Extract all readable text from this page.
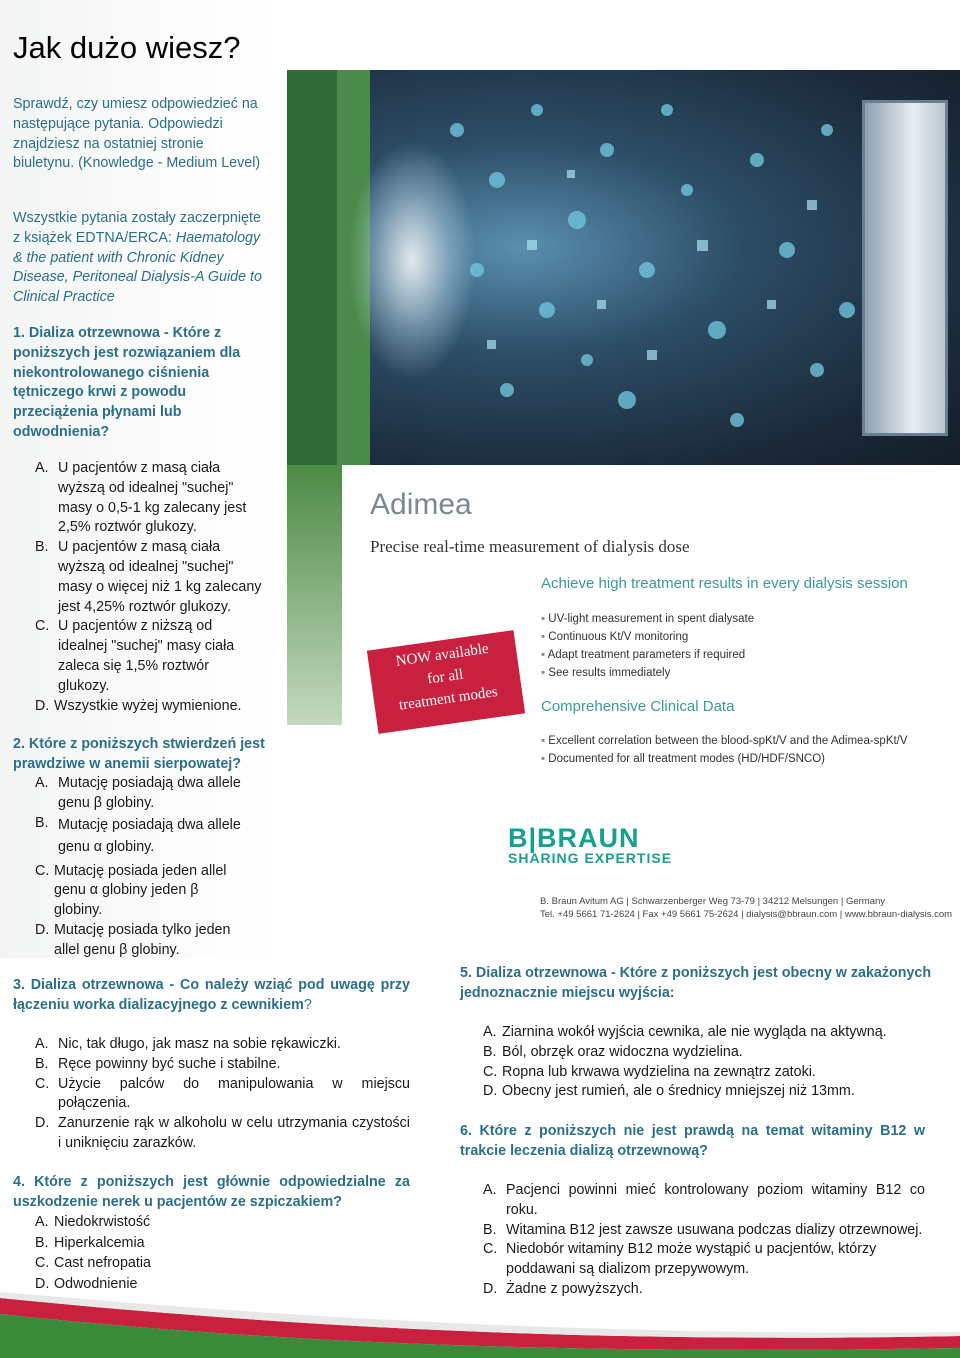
Jak dużo wiesz?

Sprawdź, czy umiesz odpowiedzieć na następujące pytania. Odpowiedzi znajdziesz na ostatniej stronie biuletynu. (Knowledge - Medium Level)

Wszystkie pytania zostały zaczerpnięte z książek EDTNA/ERCA: Haematology & the patient with Chronic Kidney Disease, Peritoneal Dialysis-A Guide to Clinical Practice

1. Dializa otrzewnowa - Które z poniższych jest rozwiązaniem dla niekontrolowanego ciśnienia tętniczego krwi z powodu przeciążenia płynami lub odwodnienia?

A. U pacjentów z masą ciała wyższą od idealnej "suchej" masy o 0,5-1 kg zalecany jest 2,5% roztwór glukozy.
B. U pacjentów z masą ciała wyższą od idealnej "suchej" masy o więcej niż 1 kg zalecany jest 4,25% roztwór glukozy.
C. U pacjentów z niższą od idealnej "suchej" masy ciała zaleca się 1,5% roztwór glukozy.
D. Wszystkie wyżej wymienione.

2. Które z poniższych stwierdzeń jest prawdziwe w anemii sierpowatej?

A. Mutację posiadają dwa allele genu β globiny.
B. Mutację posiadają dwa allele genu α globiny.
C. Mutację posiada jeden allel genu α globiny jeden β globiny.
D. Mutację posiada tylko jeden allel genu β globiny.

3. Dializa otrzewnowa - Co należy wziąć pod uwagę przy łączeniu worka dializacyjnego z cewnikiem?

A. Nic, tak długo, jak masz na sobie rękawiczki.
B. Ręce powinny być suche i stabilne.
C. Użycie palców do manipulowania w miejscu połączenia.
D. Zanurzenie rąk w alkoholu w celu utrzymania czystości i uniknięciu zarazków.

4. Które z poniższych jest głównie odpowiedzialne za uszkodzenie nerek u pacjentów ze szpiczakiem?

A. Niedokrwistość
B. Hiperkalcemia
C. Cast nefropatia
D. Odwodnienie

5. Dializa otrzewnowa - Które z poniższych jest obecny w zakażonych jednoznacznie miejscu wyjścia:

A. Ziarnina wokół wyjścia cewnika, ale nie wygląda na aktywną.
B. Ból, obrzęk oraz widoczna wydzielina.
C. Ropna lub krwawa wydzielina na zewnątrz zatoki.
D. Obecny jest rumień, ale o średnicy mniejszej niż 13mm.

6. Które z poniższych nie jest prawdą na temat witaminy B12 w trakcie leczenia dializą otrzewnową?

A. Pacjenci powinni mieć kontrolowany poziom witaminy B12 co roku.
B. Witamina B12 jest zawsze usuwana podczas dializy otrzewnowej.
C. Niedobór witaminy B12 może wystąpić u pacjentów, którzy poddawani są dializom przepywowym.
D. Żadne z powyższych.
Adimea
Precise real-time measurement of dialysis dose
Achieve high treatment results in every dialysis session
▪ UV-light measurement in spent dialysate
▪ Continuous Kt/V monitoring
▪ Adapt treatment parameters if required
▪ See results immediately
NOW available
for all
treatment modes	Comprehensive Clinical Data
▪ Excellent correlation between the blood-spKt/V and the Adimea-spKt/V
▪ Documented for all treatment modes (HD/HDF/SNCO)
B|BRAUN
SHARING EXPERTISE
B. Braun Avitum AG | Schwarzenberger Weg 73-79 | 34212 Melsungen | Germany
Tel. +49 5661 71-2624 | Fax +49 5661 75-2624 | dialysis@bbraun.com | www.bbraun-dialysis.com
